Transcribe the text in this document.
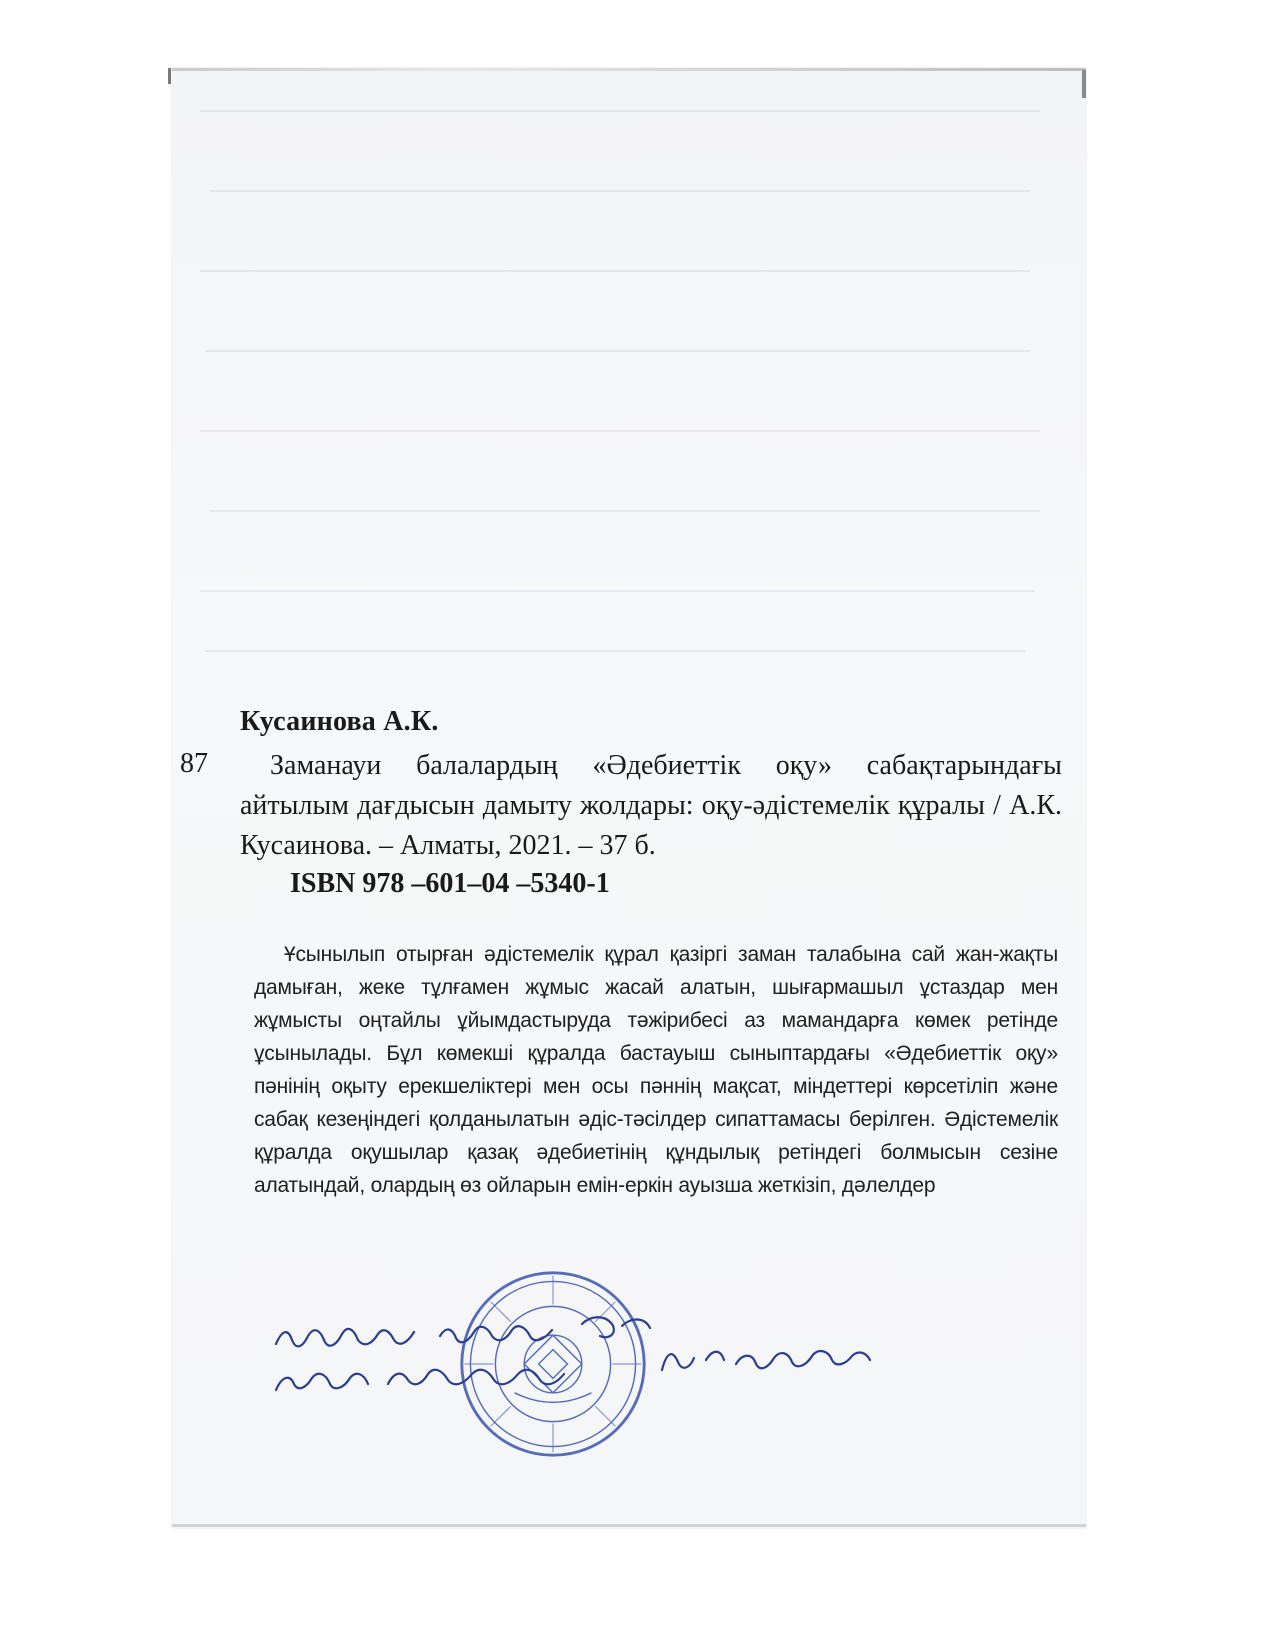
Кусаинова А.К.
87	Заманауи балалардың «Әдебиеттік оқу» сабақтарындағы айтылым дағдысын дамыту жолдары: оқу-әдістемелік құралы / А.К. Кусаинова. – Алматы, 2021. – 37 б.
ISBN 978 –601–04 –5340-1
Ұсынылып отырған әдістемелік құрал қазіргі заман талабына сай жан-жақты дамыған, жеке тұлғамен жұмыс жасай алатын, шығармашыл ұстаздар мен жұмысты оңтайлы ұйымдастыруда тәжірибесі аз мамандарға көмек ретінде ұсынылады. Бұл көмекші құралда бастауыш сыныптардағы «Әдебиеттік оқу» пәнінің оқыту ерекшеліктері мен осы пәннің мақсат, міндеттері көрсетіліп және сабақ кезеңіндегі қолданылатын әдіс-тәсілдер сипаттамасы берілген. Әдістемелік құралда оқушылар қазақ әдебиетінің құндылық ретіндегі болмысын сезіне алатындай, олардың өз ойларын емін-еркін ауызша жеткізіп, дәлелдер
